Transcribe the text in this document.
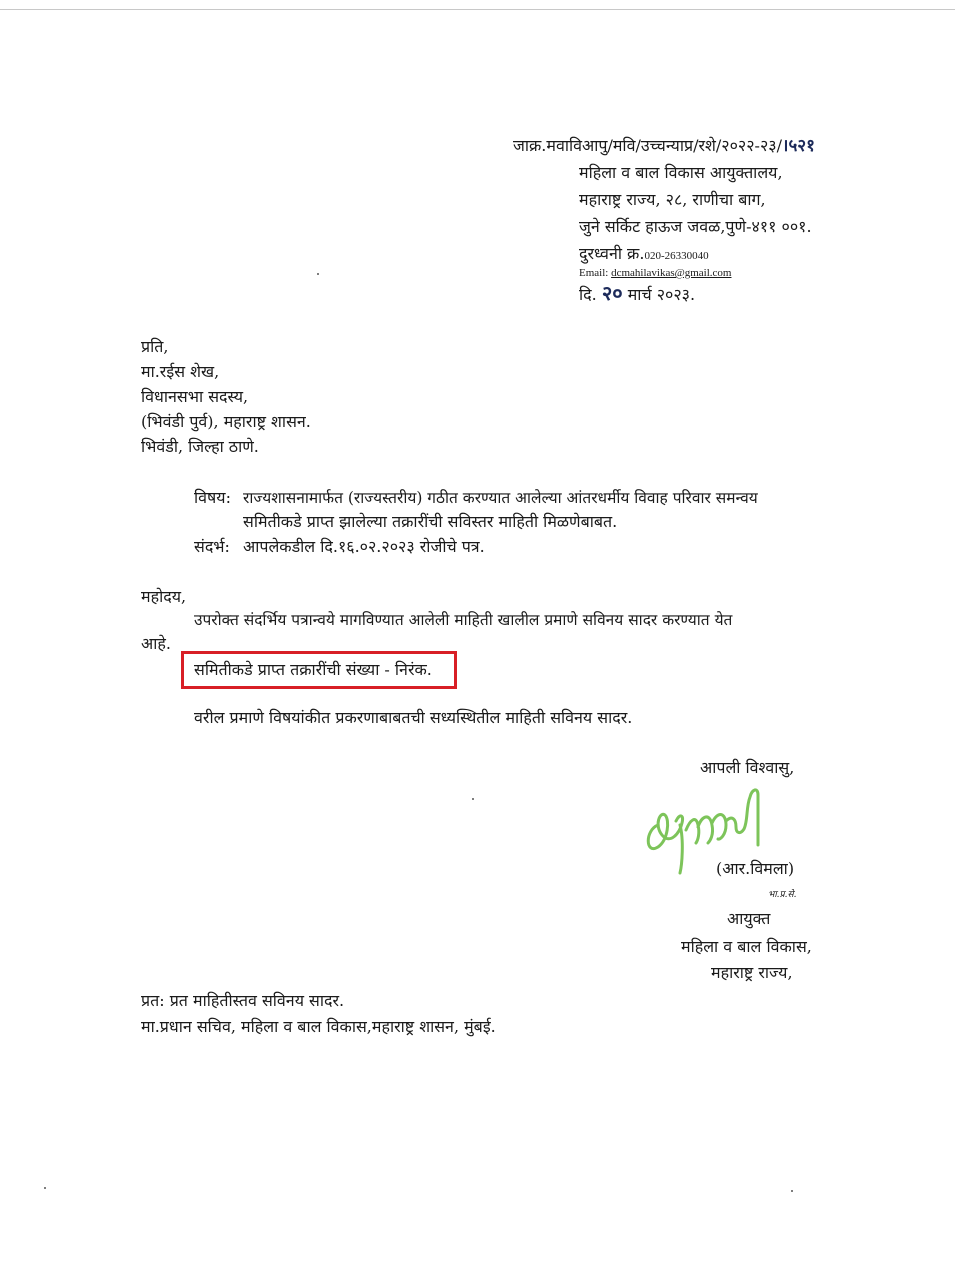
जाक्र.मवाविआपु/मवि/उच्चन्याप्र/रशे/२०२२-२३/।५२१
महिला व बाल विकास आयुक्तालय,
महाराष्ट्र राज्य, २८, राणीचा बाग,
जुने सर्किट हाऊज जवळ,पुणे-४११ ००१.
दुरध्वनी क्र.020-26330040
Email: dcmahilavikas@gmail.com
दि. २० मार्च २०२३.
प्रति,
मा.रईस शेख,
विधानसभा सदस्य,
(भिवंडी पुर्व), महाराष्ट्र शासन.
भिवंडी, जिल्हा ठाणे.
विषय: राज्यशासनामार्फत (राज्यस्तरीय) गठीत करण्यात आलेल्या आंतरधर्मीय विवाह परिवार समन्वय
समितीकडे प्राप्त झालेल्या तक्रारींची सविस्तर माहिती मिळणेबाबत.
संदर्भ: आपलेकडील दि.१६.०२.२०२३ रोजीचे पत्र.
महोदय,
उपरोक्त संदर्भिय पत्रान्वये मागविण्यात आलेली माहिती खालील प्रमाणे सविनय सादर करण्यात येत
आहे.
समितीकडे प्राप्त तक्रारींची संख्या - निरंक.
वरील प्रमाणे विषयांकीत प्रकरणाबाबतची सध्यस्थितील माहिती सविनय सादर.
आपली विश्वासु,
(आर.विमला)
भा.प्र.से.
आयुक्त
महिला व बाल विकास,
महाराष्ट्र राज्य,
प्रत: प्रत माहितीस्तव सविनय सादर.
मा.प्रधान सचिव, महिला व बाल विकास,महाराष्ट्र शासन, मुंबई.
